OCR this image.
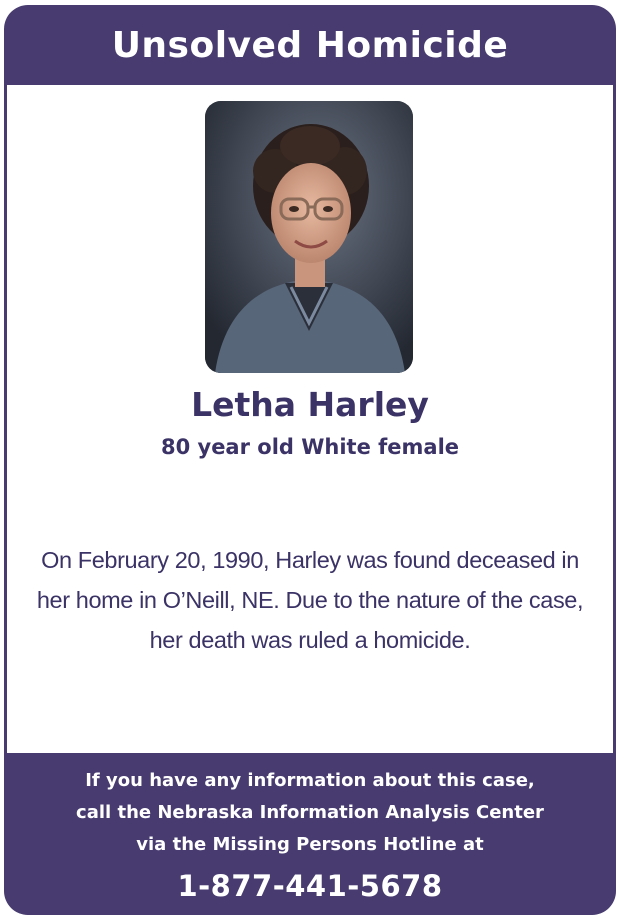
Unsolved Homicide
Letha Harley
80 year old White female
On February 20, 1990, Harley was found deceased in her home in O’Neill, NE. Due to the nature of the case, her death was ruled a homicide.
If you have any information about this case,
call the Nebraska Information Analysis Center
via the Missing Persons Hotline at
1-877-441-5678
